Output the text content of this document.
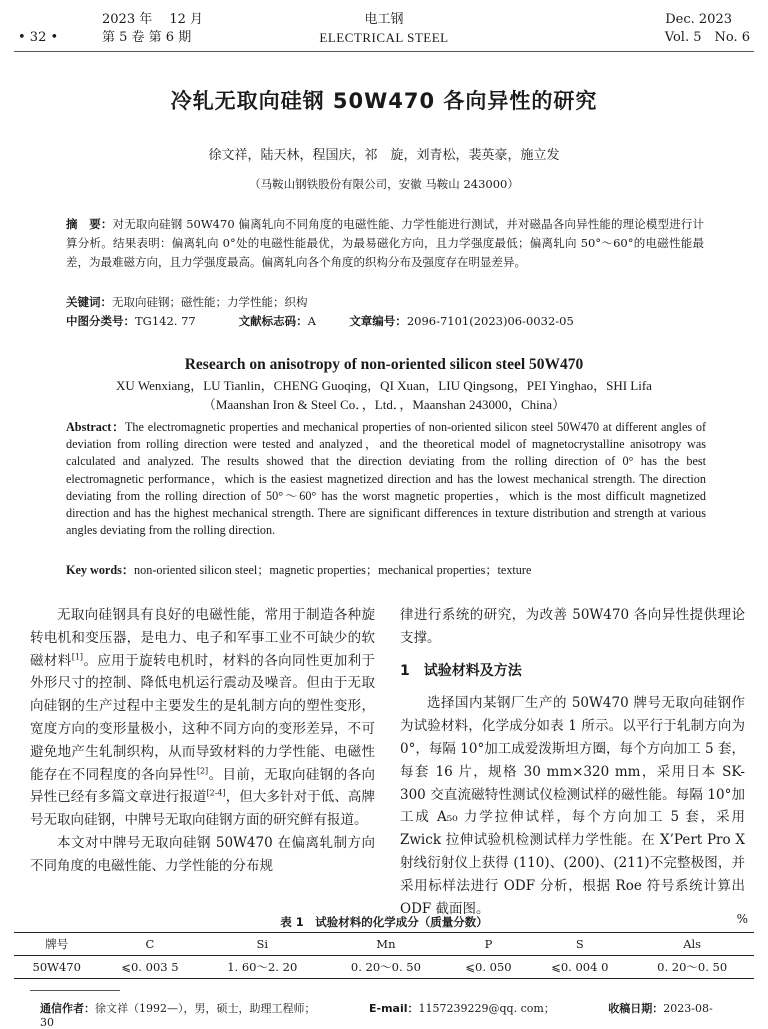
• 32 •
2023 年　 12 月
第 5 卷 第 6 期
电工钢
ELECTRICAL STEEL
Dec. 2023
Vol. 5　No. 6
冷轧无取向硅钢 50W470 各向异性的研究
徐文祥，陆天林，程国庆，祁　旋，刘青松，裴英豪，施立发
（马鞍山钢铁股份有限公司，安徽 马鞍山 243000）
摘　要：对无取向硅钢 50W470 偏离轧向不同角度的电磁性能、力学性能进行测试，并对磁晶各向异性能的理论模型进行计算分析。结果表明：偏离轧向 0°处的电磁性能最优，为最易磁化方向，且力学强度最低；偏离轧向 50°～60°的电磁性能最差，为最难磁方向，且力学强度最高。偏离轧向各个角度的织构分布及强度存在明显差异。
关键词：无取向硅钢；磁性能；力学性能；织构
中图分类号：TG142. 77	文献标志码：A	文章编号：2096-7101(2023)06-0032-05
Research on anisotropy of non-oriented silicon steel 50W470
XU Wenxiang，LU Tianlin，CHENG Guoqing，QI Xuan，LIU Qingsong，PEI Yinghao，SHI Lifa
（Maanshan Iron & Steel Co．，Ltd．，Maanshan 243000，China）
Abstract：The electromagnetic properties and mechanical properties of non-oriented silicon steel 50W470 at different angles of deviation from rolling direction were tested and analyzed，and the theoretical model of magnetocrystalline anisotropy was calculated and analyzed. The results showed that the direction deviating from the rolling direction of 0° has the best electromagnetic performance，which is the easiest magnetized direction and has the lowest mechanical strength. The direction deviating from the rolling direction of 50°～60° has the worst magnetic properties，which is the most difficult magnetized direction and has the highest mechanical strength. There are significant differences in texture distribution and strength at various angles deviating from the rolling direction.
Key words：non-oriented silicon steel；magnetic properties；mechanical properties；texture

无取向硅钢具有良好的电磁性能，常用于制造各种旋转电机和变压器，是电力、电子和军事工业不可缺少的软磁材料[1]。应用于旋转电机时，材料的各向同性更加利于外形尺寸的控制、降低电机运行震动及噪音。但由于无取向硅钢的生产过程中主要发生的是轧制方向的塑性变形，宽度方向的变形量极小，这种不同方向的变形差异，不可避免地产生轧制织构，从而导致材料的力学性能、电磁性能存在不同程度的各向异性[2]。目前，无取向硅钢的各向异性已经有多篇文章进行报道[2-4]，但大多针对于低、高牌号无取向硅钢，中牌号无取向硅钢方面的研究鲜有报道。

本文对中牌号无取向硅钢 50W470 在偏离轧制方向不同角度的电磁性能、力学性能的分布规

律进行系统的研究，为改善 50W470 各向异性提供理论支撑。

1 试验材料及方法

选择国内某钢厂生产的 50W470 牌号无取向硅钢作为试验材料，化学成分如表 1 所示。以平行于轧制方向为 0°，每隔 10°加工成爱泼斯坦方圈，每个方向加工 5 套，每套 16 片，规格 30 mm×320 mm，采用日本 SK-300 交直流磁特性测试仪检测试样的磁性能。每隔 10°加工成 A₅₀ 力学拉伸试样，每个方向加工 5 套，采用 Zwick 拉伸试验机检测试样力学性能。在 X’Pert Pro X 射线衍射仪上获得 (110)、(200)、(211)不完整极图，并采用标样法进行 ODF 分析，根据 Roe 符号系统计算出 ODF 截面图。

表 1　试验材料的化学成分（质量分数）	%
牌号	C	Si	Mn	P	S	Als
50W470	⩽0. 003 5	1. 60～2. 20	0. 20～0. 50	⩽0. 050	⩽0. 004 0	0. 20～0. 50
通信作者：徐文祥（1992—），男，硕士，助理工程师；	E-mail：1157239229@qq. com；	收稿日期：2023-08-30
